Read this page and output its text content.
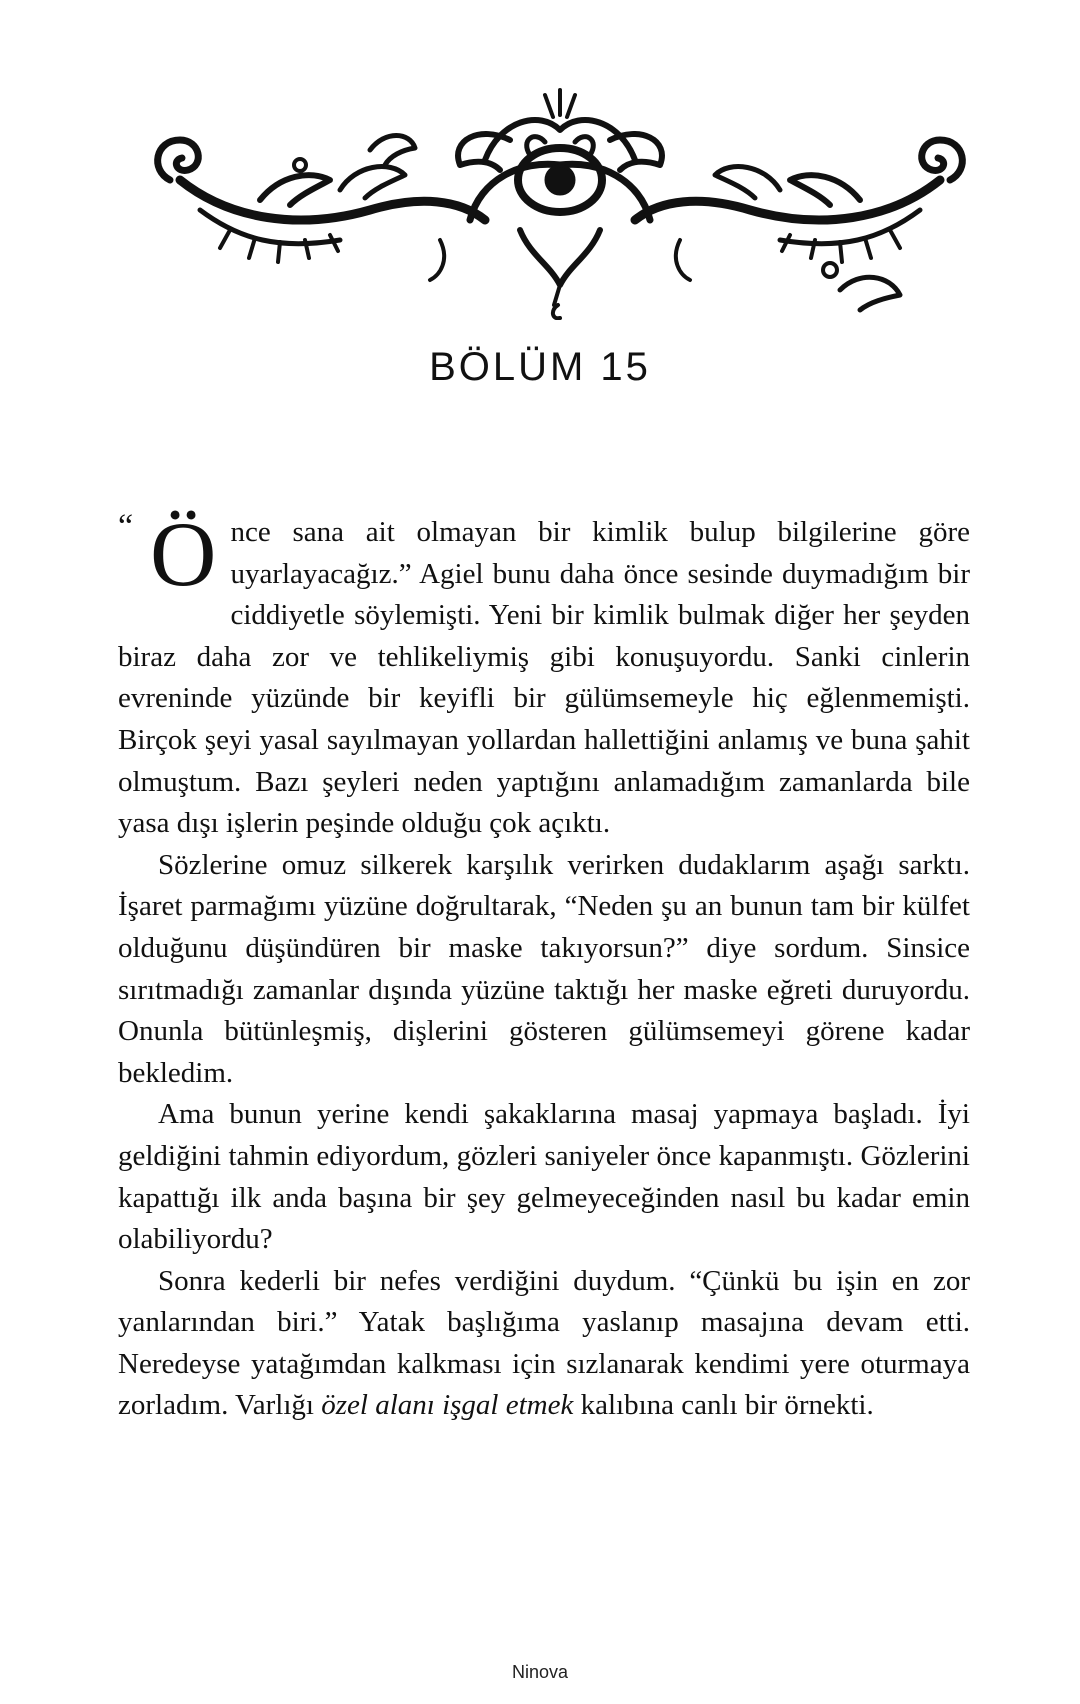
BÖLÜM 15

“ Ö nce sana ait olmayan bir kimlik bulup bilgilerine göre uyarlayacağız.” Agiel bunu daha önce sesinde duymadığım bir ciddiyetle söylemişti. Yeni bir kimlik bulmak diğer her şeyden biraz daha zor ve tehlikeliymiş gibi konuşuyordu. Sanki cinlerin evreninde yüzünde bir keyifli bir gülümsemeyle hiç eğlenmemişti. Birçok şeyi yasal sayılmayan yollardan hallettiğini anlamış ve buna şahit olmuştum. Bazı şeyleri neden yaptığını anlamadığım zamanlarda bile yasa dışı işlerin peşinde olduğu çok açıktı.

Sözlerine omuz silkerek karşılık verirken dudaklarım aşağı sarktı. İşaret parmağımı yüzüne doğrultarak, “Neden şu an bunun tam bir külfet olduğunu düşündüren bir maske takıyorsun?” diye sordum. Sinsice sırıtmadığı zamanlar dışında yüzüne taktığı her maske eğreti duruyordu. Onunla bütünleşmiş, dişlerini gösteren gülümsemeyi görene kadar bekledim.

Ama bunun yerine kendi şakaklarına masaj yapmaya başladı. İyi geldiğini tahmin ediyordum, gözleri saniyeler önce kapanmıştı. Gözlerini kapattığı ilk anda başına bir şey gelmeyeceğinden nasıl bu kadar emin olabiliyordu?

Sonra kederli bir nefes verdiğini duydum. “Çünkü bu işin en zor yanlarından biri.” Yatak başlığıma yaslanıp masajına devam etti. Neredeyse yatağımdan kalkması için sızlanarak kendimi yere oturmaya zorladım. Varlığı özel alanı işgal etmek kalıbına canlı bir örnekti.

Ninova
